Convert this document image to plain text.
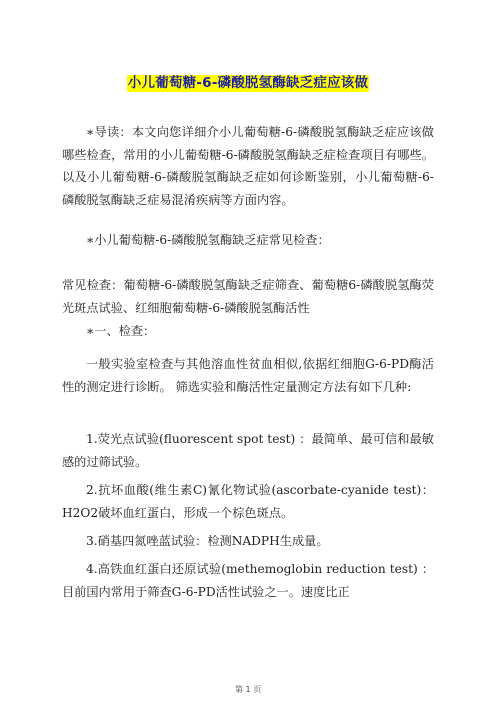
小儿葡萄糖-6-磷酸脱氢酶缺乏症应该做

∗导读：本文向您详细介小儿葡萄糖-6-磷酸脱氢酶缺乏症应该做哪些检查，常用的小儿葡萄糖-6-磷酸脱氢酶缺乏症检查项目有哪些。以及小儿葡萄糖-6-磷酸脱氢酶缺乏症如何诊断鉴别，小儿葡萄糖-6-磷酸脱氢酶缺乏症易混淆疾病等方面内容。

∗小儿葡萄糖-6-磷酸脱氢酶缺乏症常见检查：

常见检查：葡萄糖-6-磷酸脱氢酶缺乏症筛查、葡萄糖6-磷酸脱氢酶荧光斑点试验、红细胞葡萄糖-6-磷酸脱氢酶活性

∗一、检查：

一般实验室检查与其他溶血性贫血相似,依据红细胞G-6-PD酶活性的测定进行诊断。 筛选实验和酶活性定量测定方法有如下几种:

1.荧光点试验(fluorescent spot test) ：最简单、最可信和最敏感的过筛试验。

2.抗坏血酸(维生素C)氰化物试验(ascorbate-cyanide test)：H2O2破坏血红蛋白，形成一个棕色斑点。

3.硝基四氮唑蓝试验：检测NADPH生成量。

4.高铁血红蛋白还原试验(methemoglobin reduction test) ：目前国内常用于筛查G-6-PD活性试验之一。速度比正

第 1 页
